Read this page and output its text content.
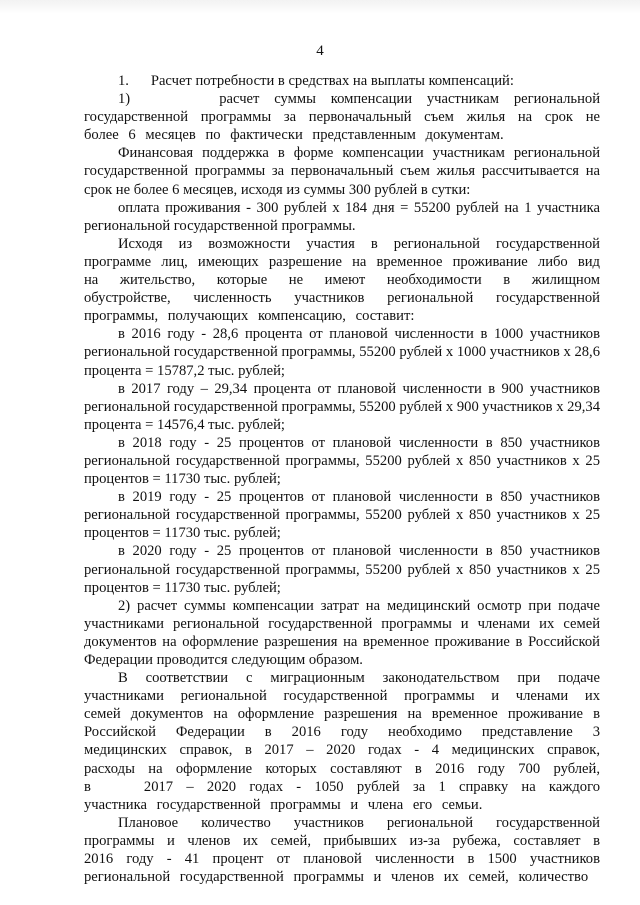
4

1.      Расчет потребности в средствах на выплаты компенсаций:

1)      расчет суммы компенсации участникам региональной государственной программы за первоначальный съем жилья на срок не более 6 месяцев по фактически представленным документам.

Финансовая поддержка в форме компенсации участникам региональной государственной программы за первоначальный съем жилья рассчитывается на срок не более 6 месяцев, исходя из суммы 300 рублей в сутки:

оплата проживания - 300 рублей х 184 дня = 55200 рублей на 1 участника региональной государственной программы.

Исходя из возможности участия в региональной государственной программе лиц, имеющих разрешение на временное проживание либо вид на жительство, которые не имеют необходимости в жилищном обустройстве, численность участников региональной государственной программы, получающих компенсацию, составит:

в 2016 году - 28,6 процента от плановой численности в 1000 участников региональной государственной программы, 55200 рублей х 1000 участников х 28,6 процента = 15787,2 тыс. рублей;

в 2017 году – 29,34 процента от плановой численности в 900 участников региональной государственной программы, 55200 рублей х 900 участников х 29,34 процента = 14576,4 тыс. рублей;

в 2018 году - 25 процентов от плановой численности в 850 участников региональной государственной программы, 55200 рублей х 850 участников х 25 процентов = 11730 тыс. рублей;

в 2019 году - 25 процентов от плановой численности в 850 участников региональной государственной программы, 55200 рублей х 850 участников х 25 процентов = 11730 тыс. рублей;

в 2020 году - 25 процентов от плановой численности в 850 участников региональной государственной программы, 55200 рублей х 850 участников х 25 процентов = 11730 тыс. рублей;

2) расчет суммы компенсации затрат на медицинский осмотр при подаче участниками региональной государственной программы и членами их семей документов на оформление разрешения на временное проживание в Российской Федерации проводится следующим образом.

В соответствии с миграционным законодательством при подаче участниками региональной государственной программы и членами их семей документов на оформление разрешения на временное проживание в Российской Федерации в 2016 году необходимо представление 3 медицинских справок, в 2017 – 2020 годах - 4 медицинских справок, расходы на оформление которых составляют в 2016 году 700 рублей, в    2017 – 2020 годах - 1050 рублей за 1 справку на каждого участника государственной программы и члена его семьи.

Плановое количество участников региональной государственной программы и членов их семей, прибывших из-за рубежа, составляет в 2016 году - 41 процент от плановой численности в 1500 участников региональной государственной программы и членов их семей, количество
